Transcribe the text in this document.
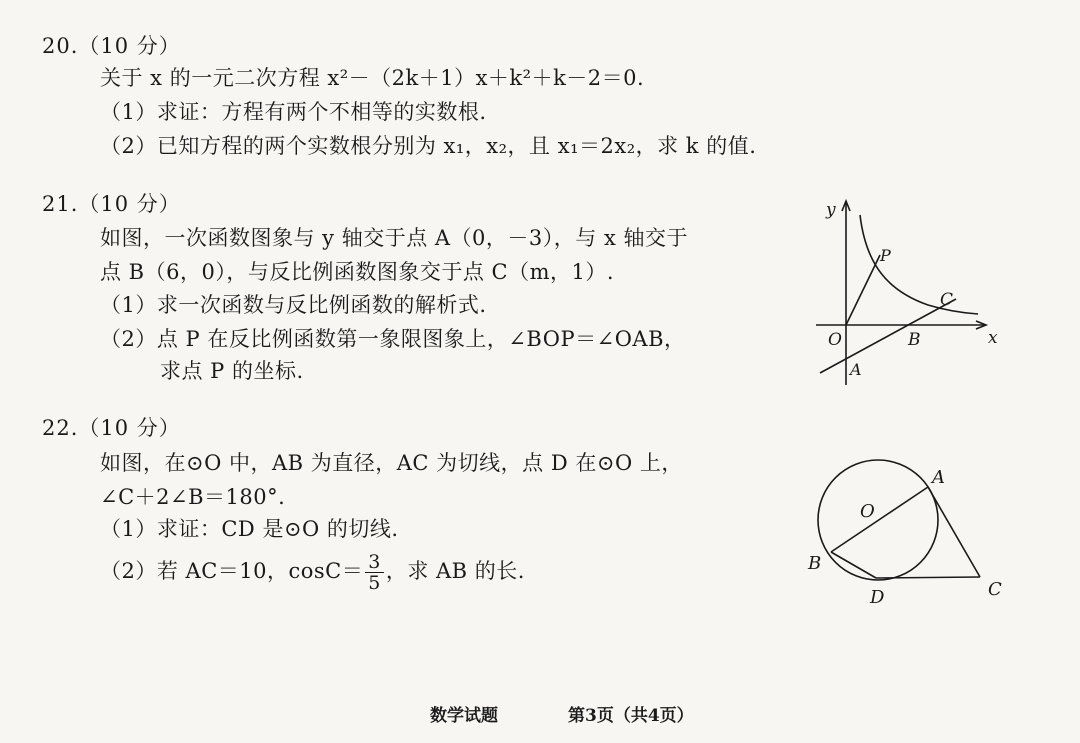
20.（10 分）
关于 x 的一元二次方程 x²－（2k＋1）x＋k²＋k－2＝0.
（1）求证：方程有两个不相等的实数根.
（2）已知方程的两个实数根分别为 x₁，x₂，且 x₁＝2x₂，求 k 的值.
21.（10 分）
如图，一次函数图象与 y 轴交于点 A（0，－3），与 x 轴交于
点 B（6，0），与反比例函数图象交于点 C（m，1）.
（1）求一次函数与反比例函数的解析式.
（2）点 P 在反比例函数第一象限图象上，∠BOP＝∠OAB，
求点 P 的坐标.
y
x
O
A
B
C
P
22.（10 分）
如图，在⊙O 中，AB 为直径，AC 为切线，点 D 在⊙O 上，
∠C＋2∠B＝180°.
（1）求证：CD 是⊙O 的切线.
（2）若 AC＝10，$\cos C= \frac{3}{5}$ ，求 AB 的长.
O
A
B
D	C
数学试题	第3页（共4页）
